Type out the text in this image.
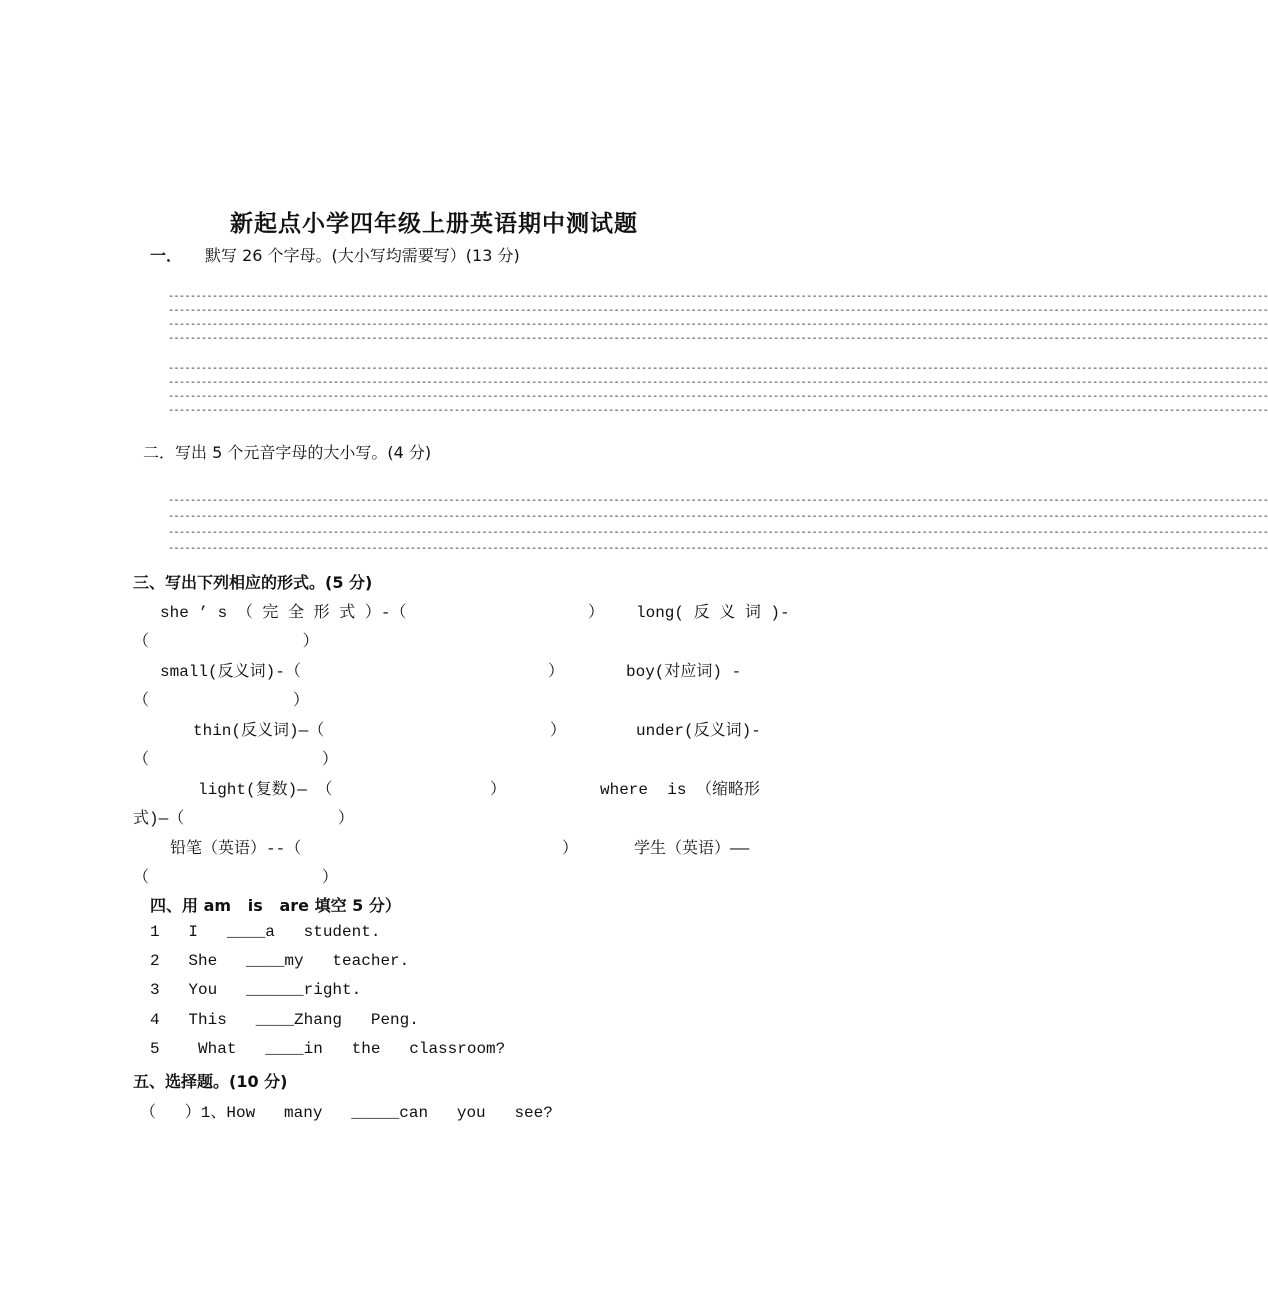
新起点小学四年级上册英语期中测试题
一． 默写 26 个字母。(大小写均需要写）(13 分)
--------------------------------------------------------------------------------------------------------------------------------------------------------------------------------------------------------
--------------------------------------------------------------------------------------------------------------------------------------------------------------------------------------------------------
--------------------------------------------------------------------------------------------------------------------------------------------------------------------------------------------------------
--------------------------------------------------------------------------------------------------------------------------------------------------------------------------------------------------------
--------------------------------------------------------------------------------------------------------------------------------------------------------------------------------------------------------
--------------------------------------------------------------------------------------------------------------------------------------------------------------------------------------------------------
--------------------------------------------------------------------------------------------------------------------------------------------------------------------------------------------------------
--------------------------------------------------------------------------------------------------------------------------------------------------------------------------------------------------------
二．写出 5 个元音字母的大小写。(4 分)
--------------------------------------------------------------------------------------------------------------------------------------------------------------------------------------------------------
--------------------------------------------------------------------------------------------------------------------------------------------------------------------------------------------------------
--------------------------------------------------------------------------------------------------------------------------------------------------------------------------------------------------------
--------------------------------------------------------------------------------------------------------------------------------------------------------------------------------------------------------
三、写出下列相应的形式。(5 分)
she ’ s （ 完 全 形 式 ）-（	） long( 反 义 词 )-
（                ）
small(反义词)-（	）	boy(对应词) -
（               ）
thin(反义词)—（	）	under(反义词)-
（                  ）
light(复数)— （	）	where  is （缩略形
式)—（                ）
铅笔（英语）--（	）	学生（英语）——
（                  ）
四、用 am   is   are 填空 5 分）
1   I   ____a   student.
2   She   ____my   teacher.
3   You   ______right.
4   This   ____Zhang   Peng.
5    What   ____in   the   classroom?
五、选择题。(10 分)
（   ）1、How   many   _____can   you   see?
